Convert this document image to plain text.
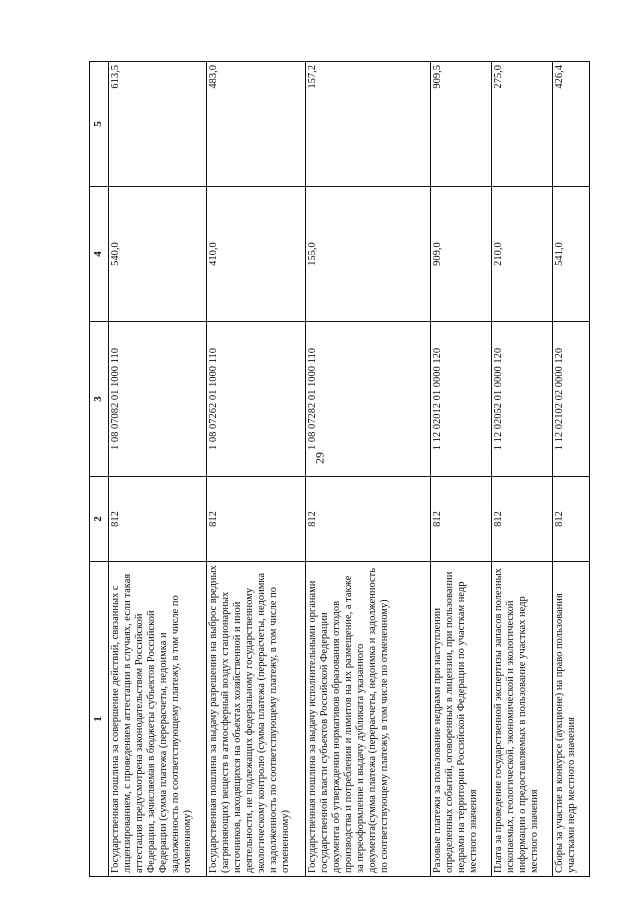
29
1	2	3	4	5
Государственная пошлина за совершение действий, связанных с лицензированием, с проведением аттестации в случаях, если такая аттестация предусмотрена законодательством Российской Федерации, зачисляемая в бюджеты субъектов Российской Федерации (сумма платежа (перерасчеты, недоимка и задолженность по соответствующему платежу, в том числе по отмененному)	812	1 08 07082 01 1000 110	540,0	613,5
Государственная пошлина за выдачу разрешения на выброс вредных (загрязняющих) веществ в атмосферный воздух стационарных источников, находящихся на объектах хозяйственной и иной деятельности, не подлежащих федеральному государственному экологическому контролю (сумма платежа (перерасчеты, недоимка и задолженность по соответствующему платежу, в том числе по отмененному)	812	1 08 07262 01 1000 110	410,0	483,0
Государственная пошлина за выдачу исполнительными органами государственной власти субъектов Российской Федерации документа об утверждении нормативов образования отходов производства и потребления и лимитов на их размещение, а также за переоформление и выдачу дубликата указанного документа(сумма платежа (перерасчеты, недоимка и задолженность по соответствующему платежу, в том числе по отмененному)	812	1 08 07282 01 1000 110	155,0	157,2
Разовые платежи за пользование недрами при наступлении определенных событий, оговоренных в лицензии, при пользовании недрами на территории Российской Федерации по участкам недр местного значения	812	1 12 02012 01 0000 120	909,0	909,5
Плата за проведение государственной экспертизы запасов полезных ископаемых, геологической, экономической и экологической информации о предоставляемых в пользование участках недр местного значения	812	1 12 02052 01 0000 120	210,0	275,0
Сборы за участие в конкурсе (аукционе) на право пользования участками недр местного значения	812	1 12 02102 02 0000 120	541,0	426,4
